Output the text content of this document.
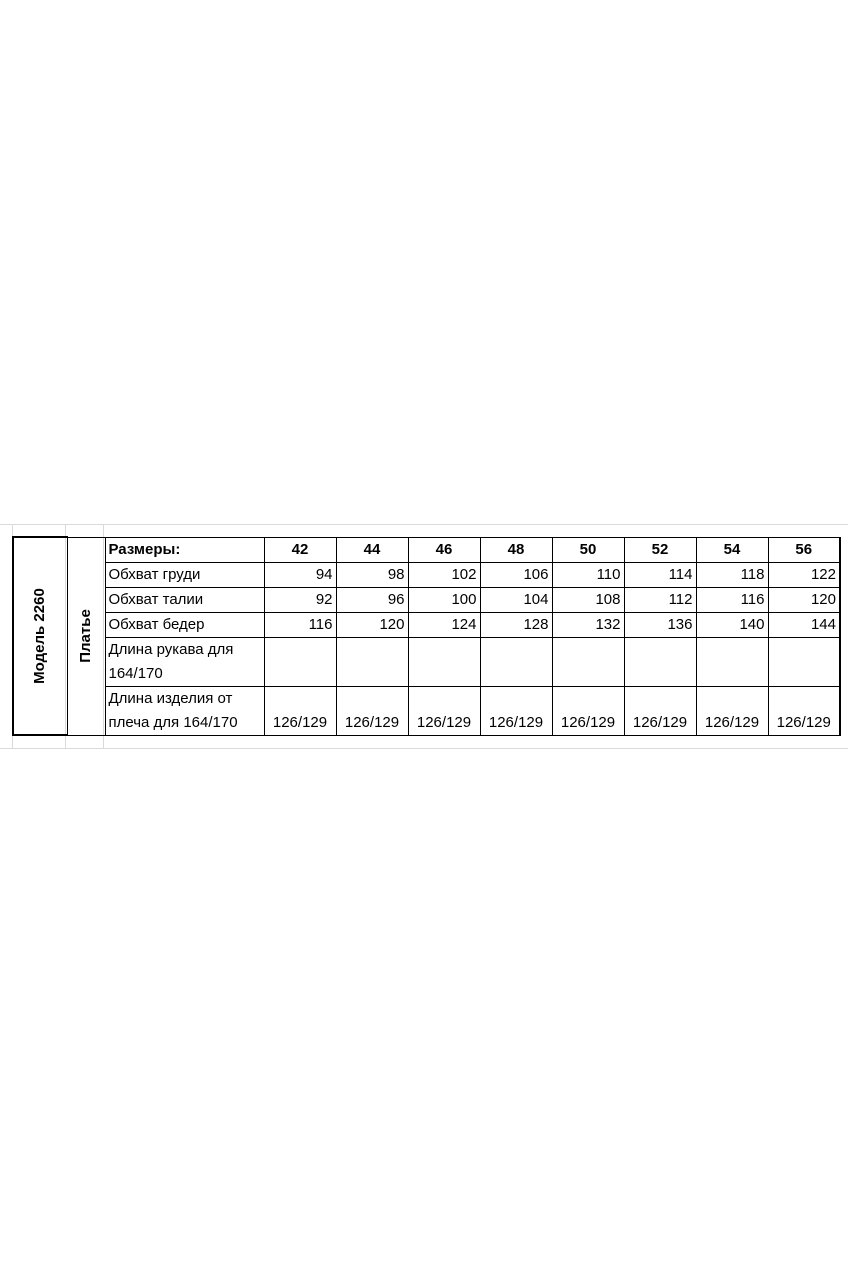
Модель 2260	Платье	Размеры:	42	44	46	48	50	52	54	56
		Обхват груди	94	98	102	106	110	114	118	122
		Обхват талии	92	96	100	104	108	112	116	120
		Обхват бедер	116	120	124	128	132	136	140	144
		Длина рукава для 164/170								
		Длина изделия от плеча для 164/170	126/129	126/129	126/129	126/129	126/129	126/129	126/129	126/129
